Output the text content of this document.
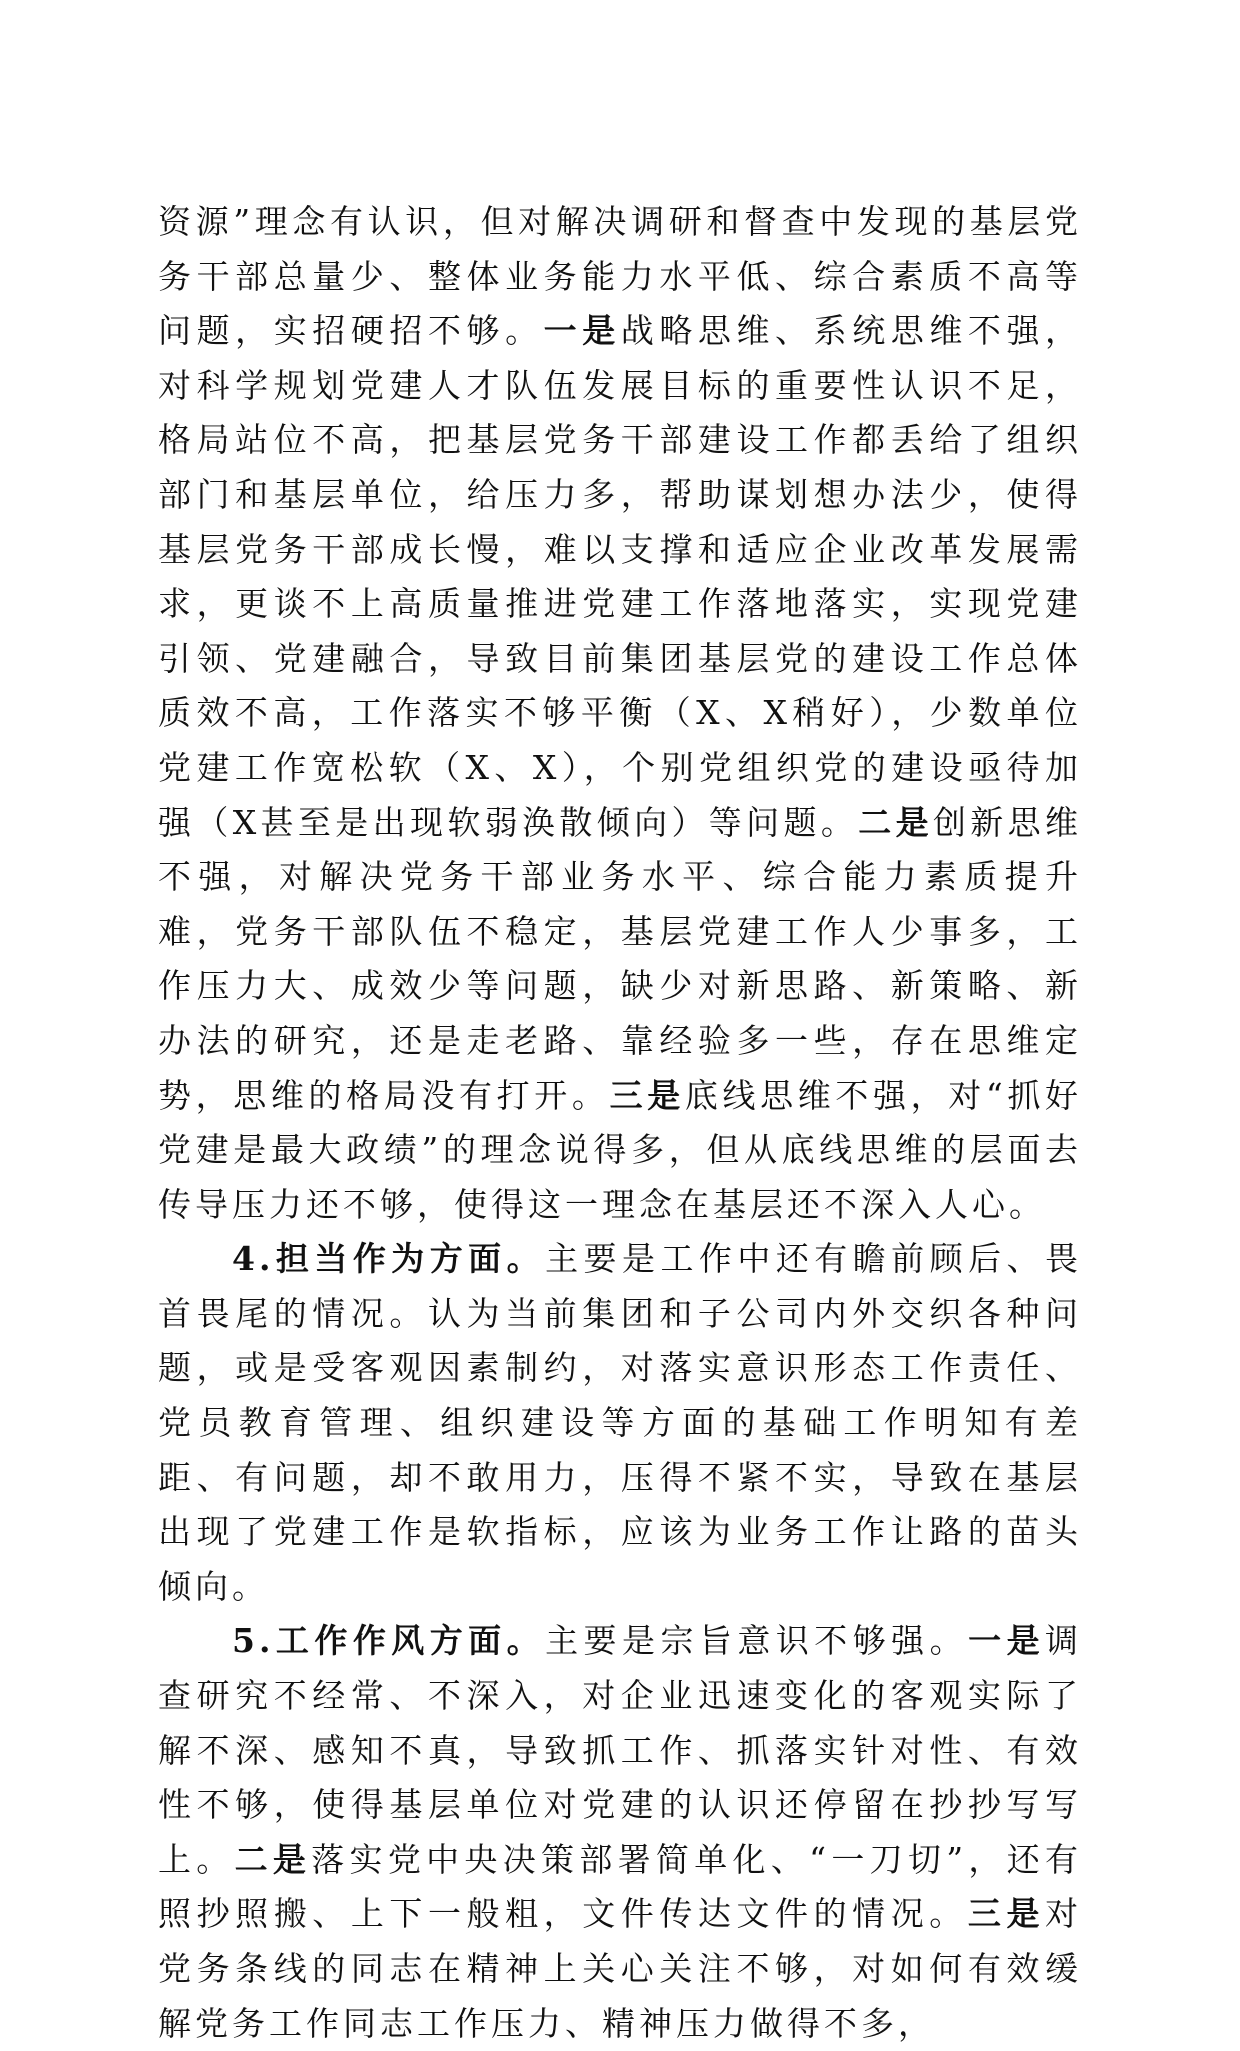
资源”理念有认识，但对解决调研和督查中发现的基层党务干部总量少、整体业务能力水平低、综合素质不高等问题，实招硬招不够。一是战略思维、系统思维不强，对科学规划党建人才队伍发展目标的重要性认识不足，格局站位不高，把基层党务干部建设工作都丢给了组织部门和基层单位，给压力多，帮助谋划想办法少，使得基层党务干部成长慢，难以支撑和适应企业改革发展需求，更谈不上高质量推进党建工作落地落实，实现党建引领、党建融合，导致目前集团基层党的建设工作总体质效不高，工作落实不够平衡（X、X稍好），少数单位党建工作宽松软（X、X），个别党组织党的建设亟待加强（X甚至是出现软弱涣散倾向）等问题。二是创新思维不强，对解决党务干部业务水平、综合能力素质提升难，党务干部队伍不稳定，基层党建工作人少事多，工作压力大、成效少等问题，缺少对新思路、新策略、新办法的研究，还是走老路、靠经验多一些，存在思维定势，思维的格局没有打开。三是底线思维不强，对“抓好党建是最大政绩”的理念说得多，但从底线思维的层面去传导压力还不够，使得这一理念在基层还不深入人心。

4.担当作为方面。主要是工作中还有瞻前顾后、畏首畏尾的情况。认为当前集团和子公司内外交织各种问题，或是受客观因素制约，对落实意识形态工作责任、党员教育管理、组织建设等方面的基础工作明知有差距、有问题，却不敢用力，压得不紧不实，导致在基层出现了党建工作是软指标，应该为业务工作让路的苗头倾向。

5.工作作风方面。主要是宗旨意识不够强。一是调查研究不经常、不深入，对企业迅速变化的客观实际了解不深、感知不真，导致抓工作、抓落实针对性、有效性不够，使得基层单位对党建的认识还停留在抄抄写写上。二是落实党中央决策部署简单化、“一刀切”，还有照抄照搬、上下一般粗，文件传达文件的情况。三是对党务条线的同志在精神上关心关注不够，对如何有效缓解党务工作同志工作压力、精神压力做得不多，
